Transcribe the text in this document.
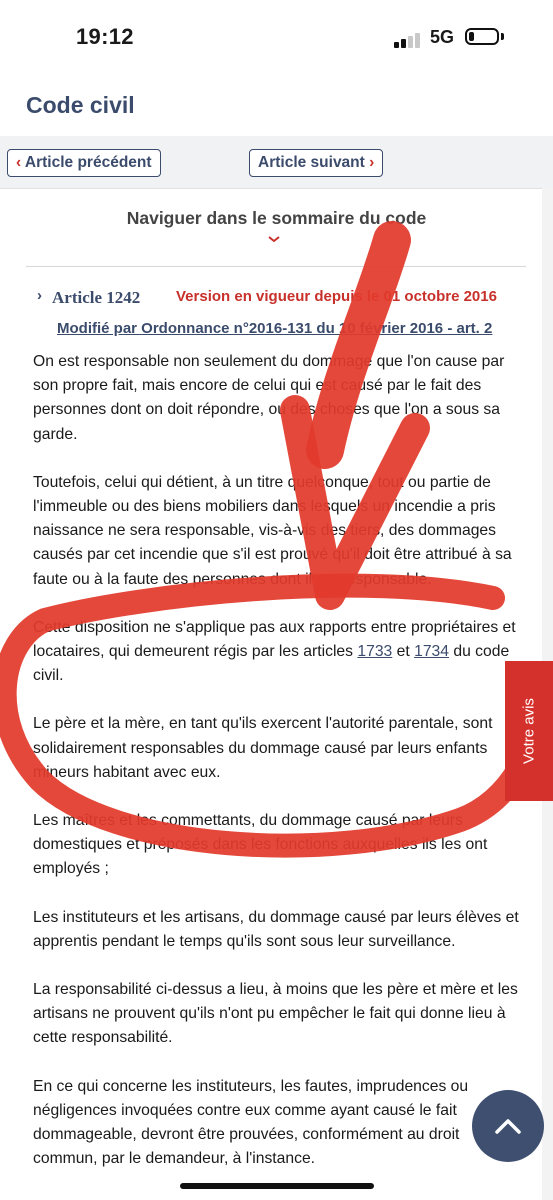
19:12	5G
Code civil
‹ Article précédent	Article suivant ›
Naviguer dans le sommaire du code
› Article 1242 Version en vigueur depuis le 01 octobre 2016
Modifié par Ordonnance n°2016-131 du 10 février 2016 - art. 2

On est responsable non seulement du dommage que l'on cause par son propre fait, mais encore de celui qui est causé par le fait des personnes dont on doit répondre, ou des choses que l'on a sous sa garde.

Toutefois, celui qui détient, à un titre quelconque, tout ou partie de l'immeuble ou des biens mobiliers dans lesquels un incendie a pris naissance ne sera responsable, vis-à-vis des tiers, des dommages causés par cet incendie que s'il est prouvé qu'il doit être attribué à sa faute ou à la faute des personnes dont il est responsable.

Cette disposition ne s'applique pas aux rapports entre propriétaires et locataires, qui demeurent régis par les articles 1733 et 1734 du code civil.

Le père et la mère, en tant qu'ils exercent l'autorité parentale, sont solidairement responsables du dommage causé par leurs enfants mineurs habitant avec eux.

Les maîtres et les commettants, du dommage causé par leurs domestiques et préposés dans les fonctions auxquelles ils les ont employés ;

Les instituteurs et les artisans, du dommage causé par leurs élèves et apprentis pendant le temps qu'ils sont sous leur surveillance.

La responsabilité ci-dessus a lieu, à moins que les père et mère et les artisans ne prouvent qu'ils n'ont pu empêcher le fait qui donne lieu à cette responsabilité.

En ce qui concerne les instituteurs, les fautes, imprudences ou négligences invoquées contre eux comme ayant causé le fait dommageable, devront être prouvées, conformément au droit commun, par le demandeur, à l'instance.

Votre avis
